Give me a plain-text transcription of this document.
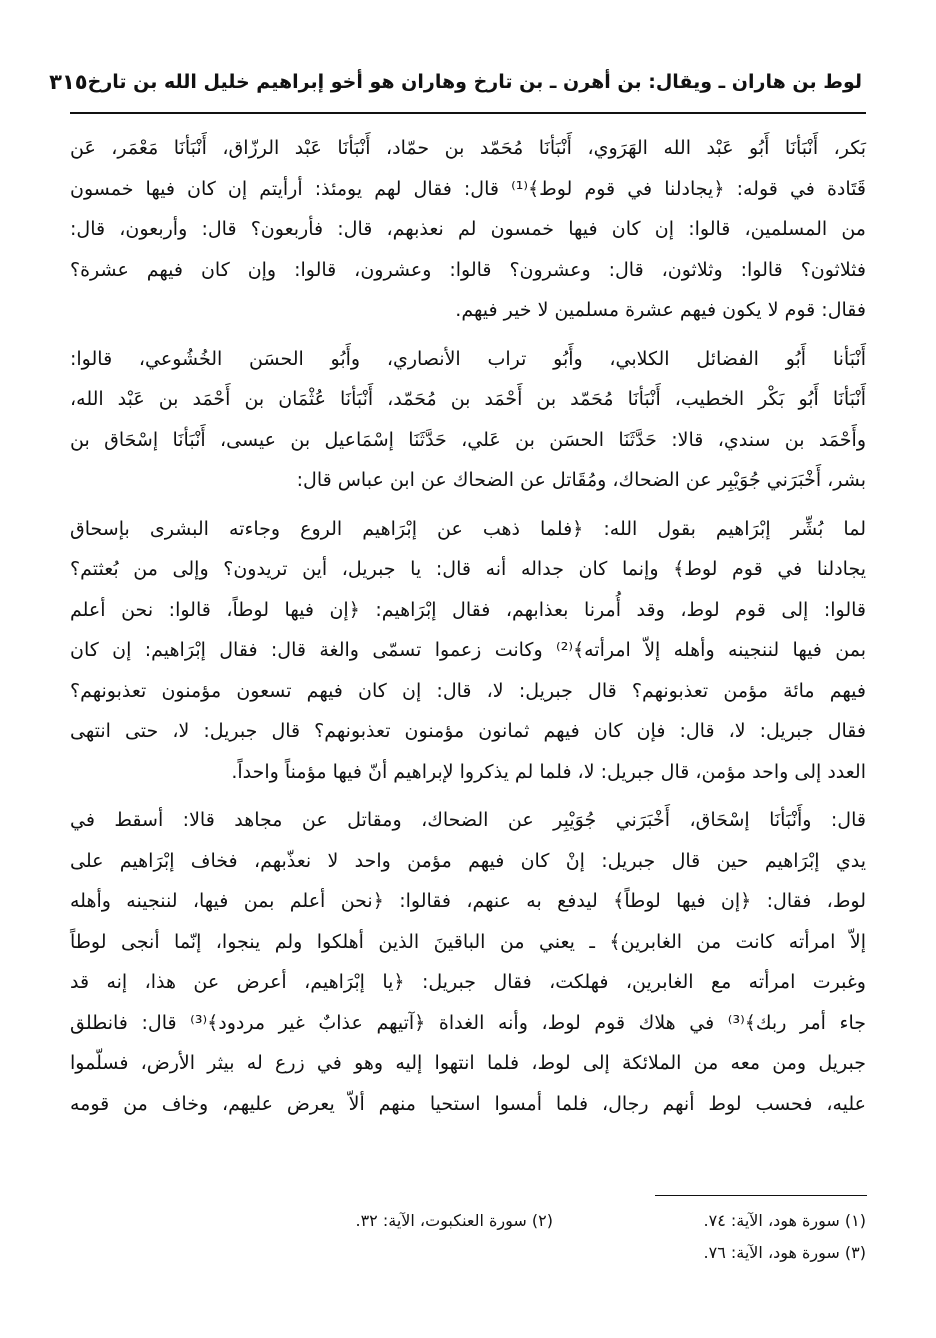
لوط بن هاران ـ ويقال: بن أهرن ـ بن تارخ وهاران هو أخو إبراهيم خليل الله بن تارخ
٣١٥
بَكر، أَنْبَأنَا أَبُو عَبْد الله الهَرَوي، أَنْبَأنَا مُحَمّد بن حمّاد، أَنْبَأنَا عَبْد الرزّاق، أَنْبَأنَا مَعْمَر، عَن
قَتَادة في قوله: ﴿يجادلنا في قوم لوط﴾⁽¹⁾ قال: فقال لهم يومئذ: أرأيتم إن كان فيها خمسون
من المسلمين، قالوا: إن كان فيها خمسون لم نعذبهم، قال: فأربعون؟ قال: وأربعون، قال:
فثلاثون؟ قالوا: وثلاثون، قال: وعشرون؟ قالوا: وعشرون، قالوا: وإن كان فيهم عشرة؟
فقال: قوم لا يكون فيهم عشرة مسلمين لا خير فيهم.
أَنْبَأنا أَبُو الفضائل الكلابي، وأَبُو تراب الأنصاري، وأَبُو الحسَن الخُشُوعي، قالوا:
أَنْبَأنَا أَبُو بَكْر الخطيب، أَنْبَأنَا مُحَمّد بن أَحْمَد بن مُحَمّد، أَنْبَأنَا عُثْمَان بن أَحْمَد بن عَبْد الله،
وأَحْمَد بن سندي، قالا: حَدَّثَنَا الحسَن بن عَلي، حَدَّثَنَا إسْمَاعيل بن عيسى، أَنْبَأنَا إسْحَاق بن
بشر، أَخْبَرَني جُوَيْبِر عن الضحاك، ومُقَاتل عن الضحاك عن ابن عباس قال:
لما بُشِّر إبْرَاهيم بقول الله: ﴿فلما ذهب عن إبْرَاهيم الروع وجاءته البشرى بإسحاق
يجادلنا في قوم لوط﴾ وإنما كان جداله أنه قال: يا جبريل، أين تريدون؟ وإلى من بُعثتم؟
قالوا: إلى قوم لوط، وقد أُمرنا بعذابهم، فقال إبْرَاهيم: ﴿إن فيها لوطاً، قالوا: نحن أعلم
بمن فيها لننجينه وأهله إلاّ امرأته﴾⁽²⁾ وكانت زعموا تسمّى والغة قال: فقال إبْرَاهيم: إن كان
فيهم مائة مؤمن تعذبونهم؟ قال جبريل: لا، قال: إن كان فيهم تسعون مؤمنون تعذبونهم؟
فقال جبريل: لا، قال: فإن كان فيهم ثمانون مؤمنون تعذبونهم؟ قال جبريل: لا، حتى انتهى
العدد إلى واحد مؤمن، قال جبريل: لا، فلما لم يذكروا لإبراهيم أنّ فيها مؤمناً واحداً.
قال: وأَنْبَأنَا إسْحَاق، أَخْبَرَني جُوَيْبِر عن الضحاك، ومقاتل عن مجاهد قالا: أسقط في
يدي إبْرَاهيم حين قال جبريل: إنْ كان فيهم مؤمن واحد لا نعذّبهم، فخاف إبْرَاهيم على
لوط، فقال: ﴿إن فيها لوطاً﴾ ليدفع به عنهم، فقالوا: ﴿نحن أعلم بمن فيها، لننجينه وأهله
إلاّ امرأته كانت من الغابرين﴾ ـ يعني من الباقينَ الذين أهلكوا ولم ينجوا، إنّما أنجى لوطاً
وغبرت امرأته مع الغابرين، فهلكت، فقال جبريل: ﴿يا إبْرَاهيم، أعرض عن هذا، إنه قد
جاء أمر ربك﴾⁽³⁾ في هلاك قوم لوط، وأنه الغداة ﴿آتيهم عذابٌ غير مردود﴾⁽³⁾ قال: فانطلق
جبريل ومن معه من الملائكة إلى لوط، فلما انتهوا إليه وهو في زرع له بيثر الأرض، فسلّموا
عليه، فحسب لوط أنهم رجال، فلما أمسوا استحيا منهم ألاّ يعرض عليهم، وخاف من قومه
(١) سورة هود، الآية: ٧٤.
(٢) سورة العنكبوت، الآية: ٣٢.
(٣) سورة هود، الآية: ٧٦.
